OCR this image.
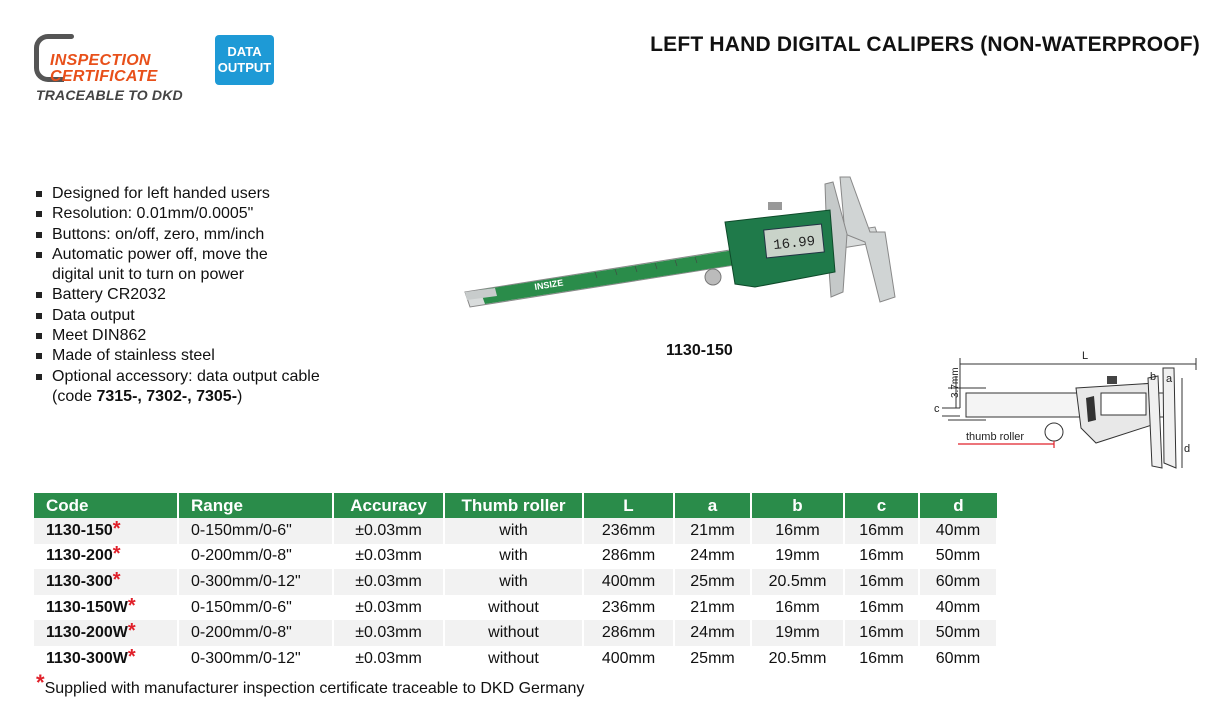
INSPECTION
CERTIFICATE
TRACEABLE TO DKD
DATA
OUTPUT
LEFT HAND DIGITAL CALIPERS (NON-WATERPROOF)
Designed for left handed users
Resolution: 0.01mm/0.0005"
Buttons: on/off, zero, mm/inch
Automatic power off, move the
digital unit to turn on power
Battery CR2032
Data output
Meet DIN862
Made of stainless steel
Optional accessory: data output cable
(code 7315-, 7302-, 7305-)
INSIZE
16.99
1130-150	L
3.7mm
c
b a
d
thumb roller
Code	Range	Accuracy	Thumb roller	L	a	b	c	d
1130-150*	0-150mm/0-6"	±0.03mm	with	236mm	21mm	16mm	16mm	40mm
1130-200*	0-200mm/0-8"	±0.03mm	with	286mm	24mm	19mm	16mm	50mm
1130-300*	0-300mm/0-12"	±0.03mm	with	400mm	25mm	20.5mm	16mm	60mm
1130-150W*	0-150mm/0-6"	±0.03mm	without	236mm	21mm	16mm	16mm	40mm
1130-200W*	0-200mm/0-8"	±0.03mm	without	286mm	24mm	19mm	16mm	50mm
1130-300W*	0-300mm/0-12"	±0.03mm	without	400mm	25mm	20.5mm	16mm	60mm
*Supplied with manufacturer inspection certificate traceable to DKD Germany
